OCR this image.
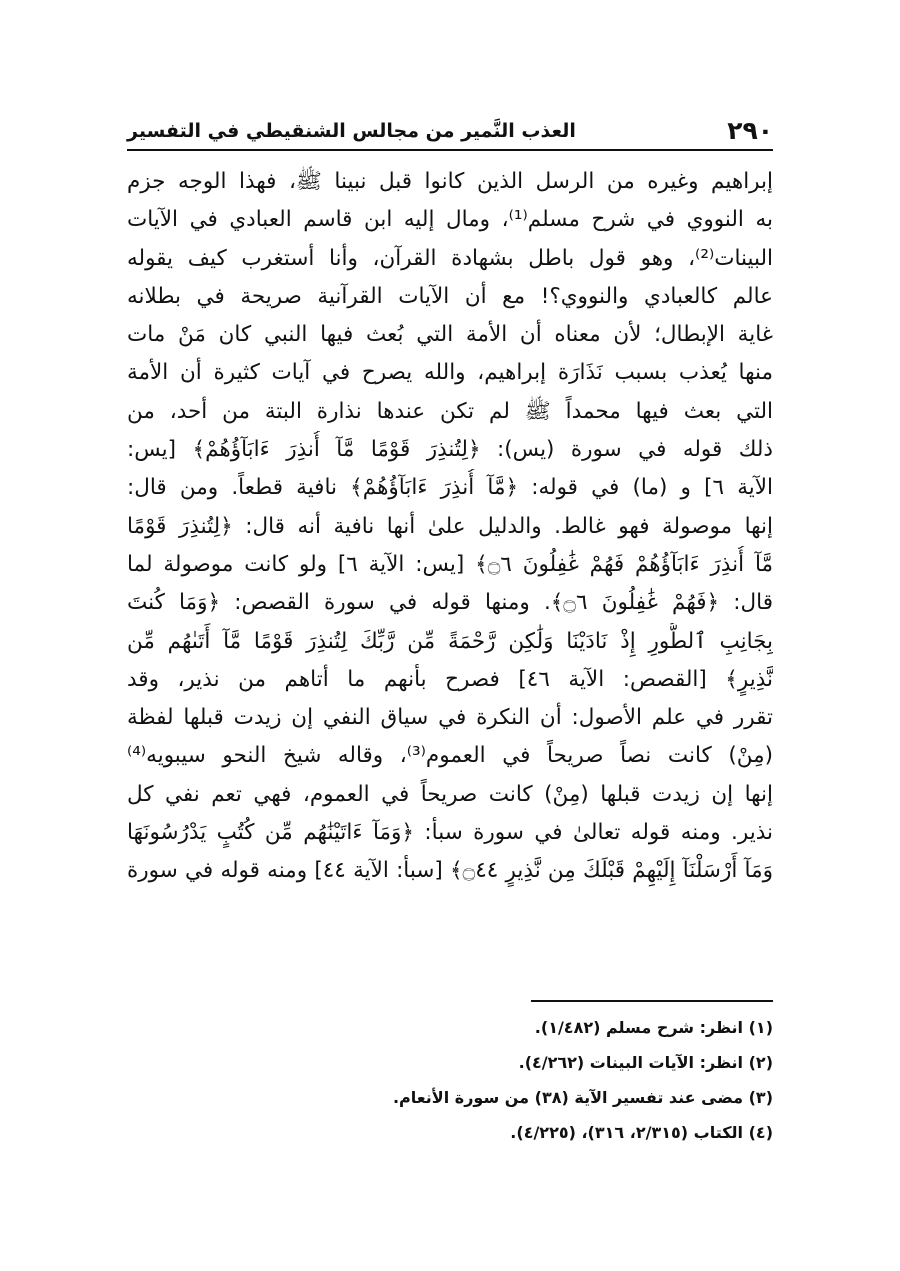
٢٩٠
العذب النَّمير من مجالس الشنقيطي في التفسير
إبراهيم وغيره من الرسل الذين كانوا قبل نبينا ﷺ، فهذا الوجه جزم
به النووي في شرح مسلم⁽¹⁾، ومال إليه ابن قاسم العبادي في الآيات
البينات⁽²⁾، وهو قول باطل بشهادة القرآن، وأنا أستغرب كيف يقوله
عالم كالعبادي والنووي؟! مع أن الآيات القرآنية صريحة في بطلانه
غاية الإبطال؛ لأن معناه أن الأمة التي بُعث فيها النبي كان مَنْ مات
منها يُعذب بسبب نَذَارَة إبراهيم، والله يصرح في آيات كثيرة أن الأمة
التي بعث فيها محمداً ﷺ لم تكن عندها نذارة البتة من أحد، من
ذلك قوله في سورة (يس): ﴿لِتُنذِرَ قَوْمًا مَّآ أُنذِرَ ءَابَآؤُهُمْ﴾ [يس:
الآية ٦] و (ما) في قوله: ﴿مَّآ أُنذِرَ ءَابَآؤُهُمْ﴾ نافية قطعاً. ومن قال:
إنها موصولة فهو غالط. والدليل علىٰ أنها نافية أنه قال: ﴿لِتُنذِرَ قَوْمًا
مَّآ أُنذِرَ ءَابَآؤُهُمْ فَهُمْ غَٰفِلُونَ ۝٦﴾ [يس: الآية ٦] ولو كانت موصولة لما
قال: ﴿فَهُمْ غَٰفِلُونَ ۝٦﴾. ومنها قوله في سورة القصص: ﴿وَمَا كُنتَ
بِجَانِبِ ٱلطُّورِ إِذْ نَادَيْنَا وَلَٰكِن رَّحْمَةً مِّن رَّبِّكَ لِتُنذِرَ قَوْمًا مَّآ أَتَىٰهُم مِّن
نَّذِيرٍ﴾ [القصص: الآية ٤٦] فصرح بأنهم ما أتاهم من نذير، وقد
تقرر في علم الأصول: أن النكرة في سياق النفي إن زيدت قبلها لفظة
(مِنْ) كانت نصاً صريحاً في العموم⁽³⁾، وقاله شيخ النحو سيبويه⁽⁴⁾
إنها إن زيدت قبلها (مِنْ) كانت صريحاً في العموم، فهي تعم نفي كل
نذير. ومنه قوله تعالىٰ في سورة سبأ: ﴿وَمَآ ءَاتَيْنَٰهُم مِّن كُتُبٍ يَدْرُسُونَهَا
وَمَآ أَرْسَلْنَآ إِلَيْهِمْ قَبْلَكَ مِن نَّذِيرٍ ۝٤٤﴾ [سبأ: الآية ٤٤] ومنه قوله في سورة
(١) انظر: شرح مسلم (١/٤٨٢).
(٢) انظر: الآيات البينات (٤/٢٦٢).
(٣) مضى عند تفسير الآية (٣٨) من سورة الأنعام.
(٤) الكتاب (٢/٣١٥، ٣١٦)، (٤/٢٢٥).
